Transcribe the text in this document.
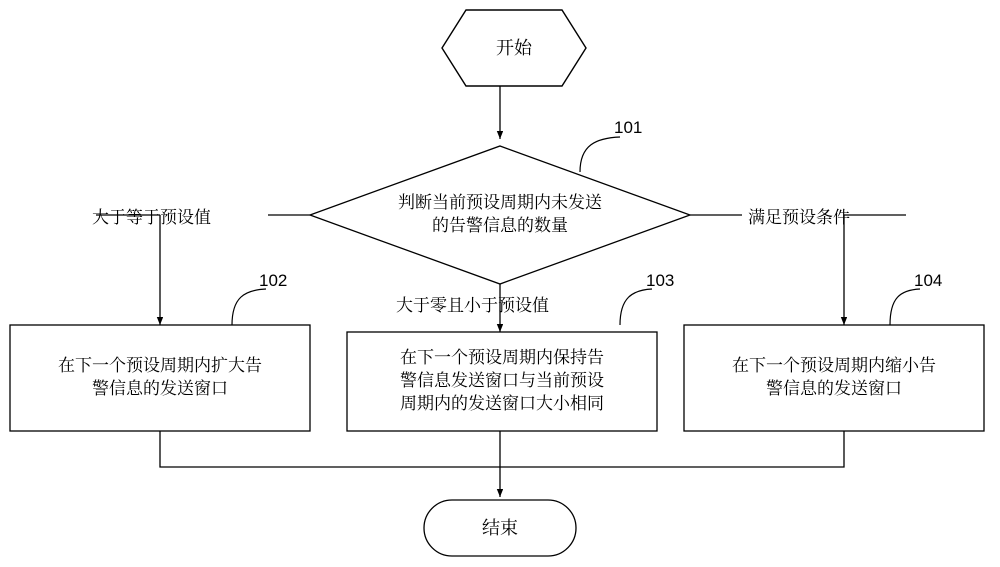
开始
判断当前预设周期内未发送
的告警信息的数量
在下一个预设周期内扩大告
警信息的发送窗口
在下一个预设周期内保持告
警信息发送窗口与当前预设
周期内的发送窗口大小相同
在下一个预设周期内缩小告
警信息的发送窗口
结束
大于等于预设值
大于零且小于预设值
满足预设条件
101
102	103	104
